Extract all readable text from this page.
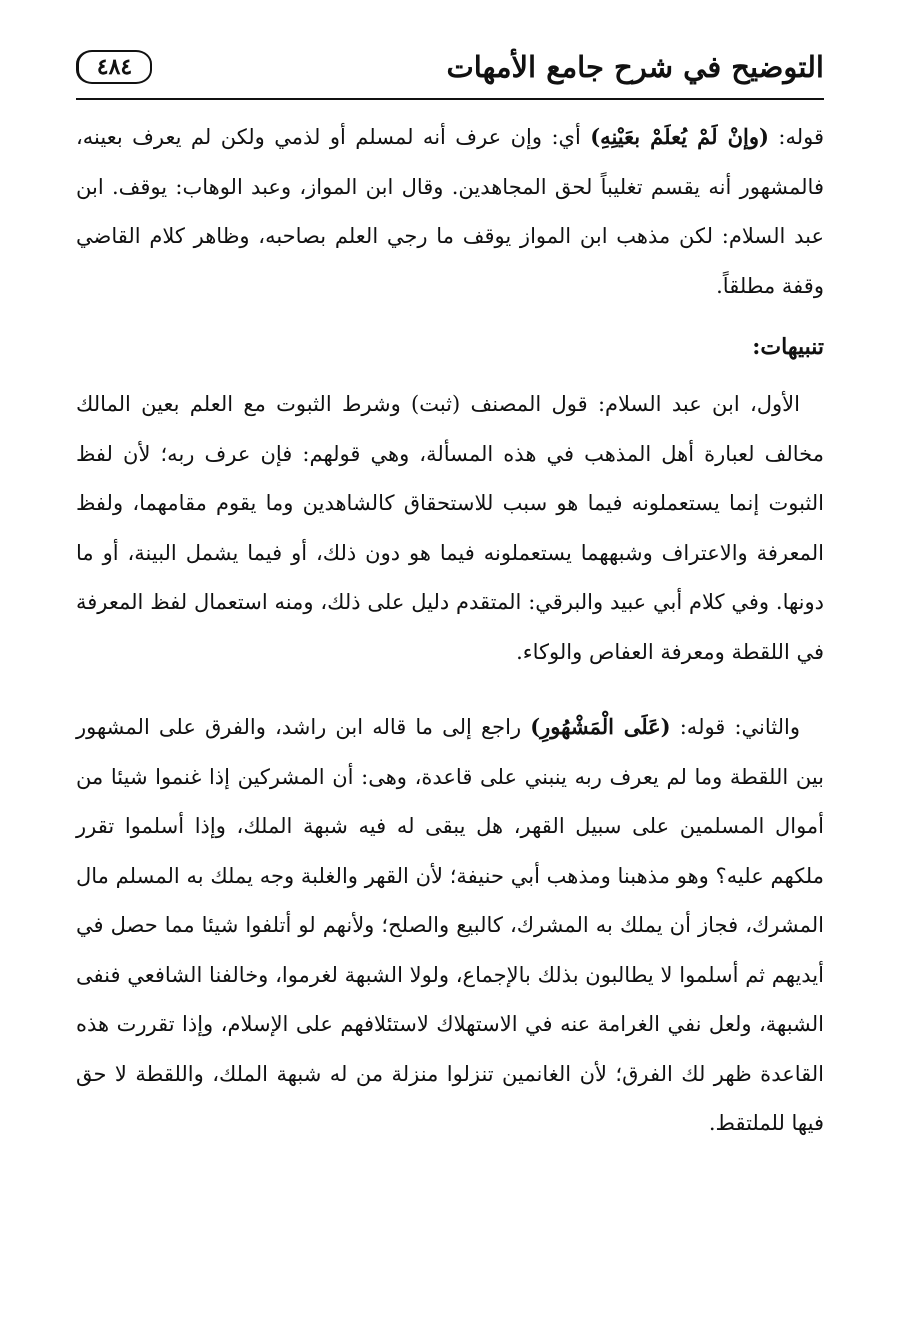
التوضيح في شرح جامع الأمهات
٤٨٤

قوله: (وإنْ لَمْ يُعلَمْ بعَيْنِهِ) أي: وإن عرف أنه لمسلم أو لذمي ولكن لم يعرف بعينه، فالمشهور أنه يقسم تغليباً لحق المجاهدين. وقال ابن المواز، وعبد الوهاب: يوقف. ابن عبد السلام: لكن مذهب ابن المواز يوقف ما رجي العلم بصاحبه، وظاهر كلام القاضي وقفة مطلقاً.

تنبيهات:

الأول، ابن عبد السلام: قول المصنف (ثبت) وشرط الثبوت مع العلم بعين المالك مخالف لعبارة أهل المذهب في هذه المسألة، وهي قولهم: فإن عرف ربه؛ لأن لفظ الثبوت إنما يستعملونه فيما هو سبب للاستحقاق كالشاهدين وما يقوم مقامهما، ولفظ المعرفة والاعتراف وشبههما يستعملونه فيما هو دون ذلك، أو فيما يشمل البينة، أو ما دونها. وفي كلام أبي عبيد والبرقي: المتقدم دليل على ذلك، ومنه استعمال لفظ المعرفة في اللقطة ومعرفة العفاص والوكاء.

والثاني: قوله: (عَلَى الْمَشْهُورِ) راجع إلى ما قاله ابن راشد، والفرق على المشهور بين اللقطة وما لم يعرف ربه ينبني على قاعدة، وهى: أن المشركين إذا غنموا شيئا من أموال المسلمين على سبيل القهر، هل يبقى له فيه شبهة الملك، وإذا أسلموا تقرر ملكهم عليه؟ وهو مذهبنا ومذهب أبي حنيفة؛ لأن القهر والغلبة وجه يملك به المسلم مال المشرك، فجاز أن يملك به المشرك، كالبيع والصلح؛ ولأنهم لو أتلفوا شيئا مما حصل في أيديهم ثم أسلموا لا يطالبون بذلك بالإجماع، ولولا الشبهة لغرموا، وخالفنا الشافعي فنفى الشبهة، ولعل نفي الغرامة عنه في الاستهلاك لاستئلافهم على الإسلام، وإذا تقررت هذه القاعدة ظهر لك الفرق؛ لأن الغانمين تنزلوا منزلة من له شبهة الملك، واللقطة لا حق فيها للملتقط.
